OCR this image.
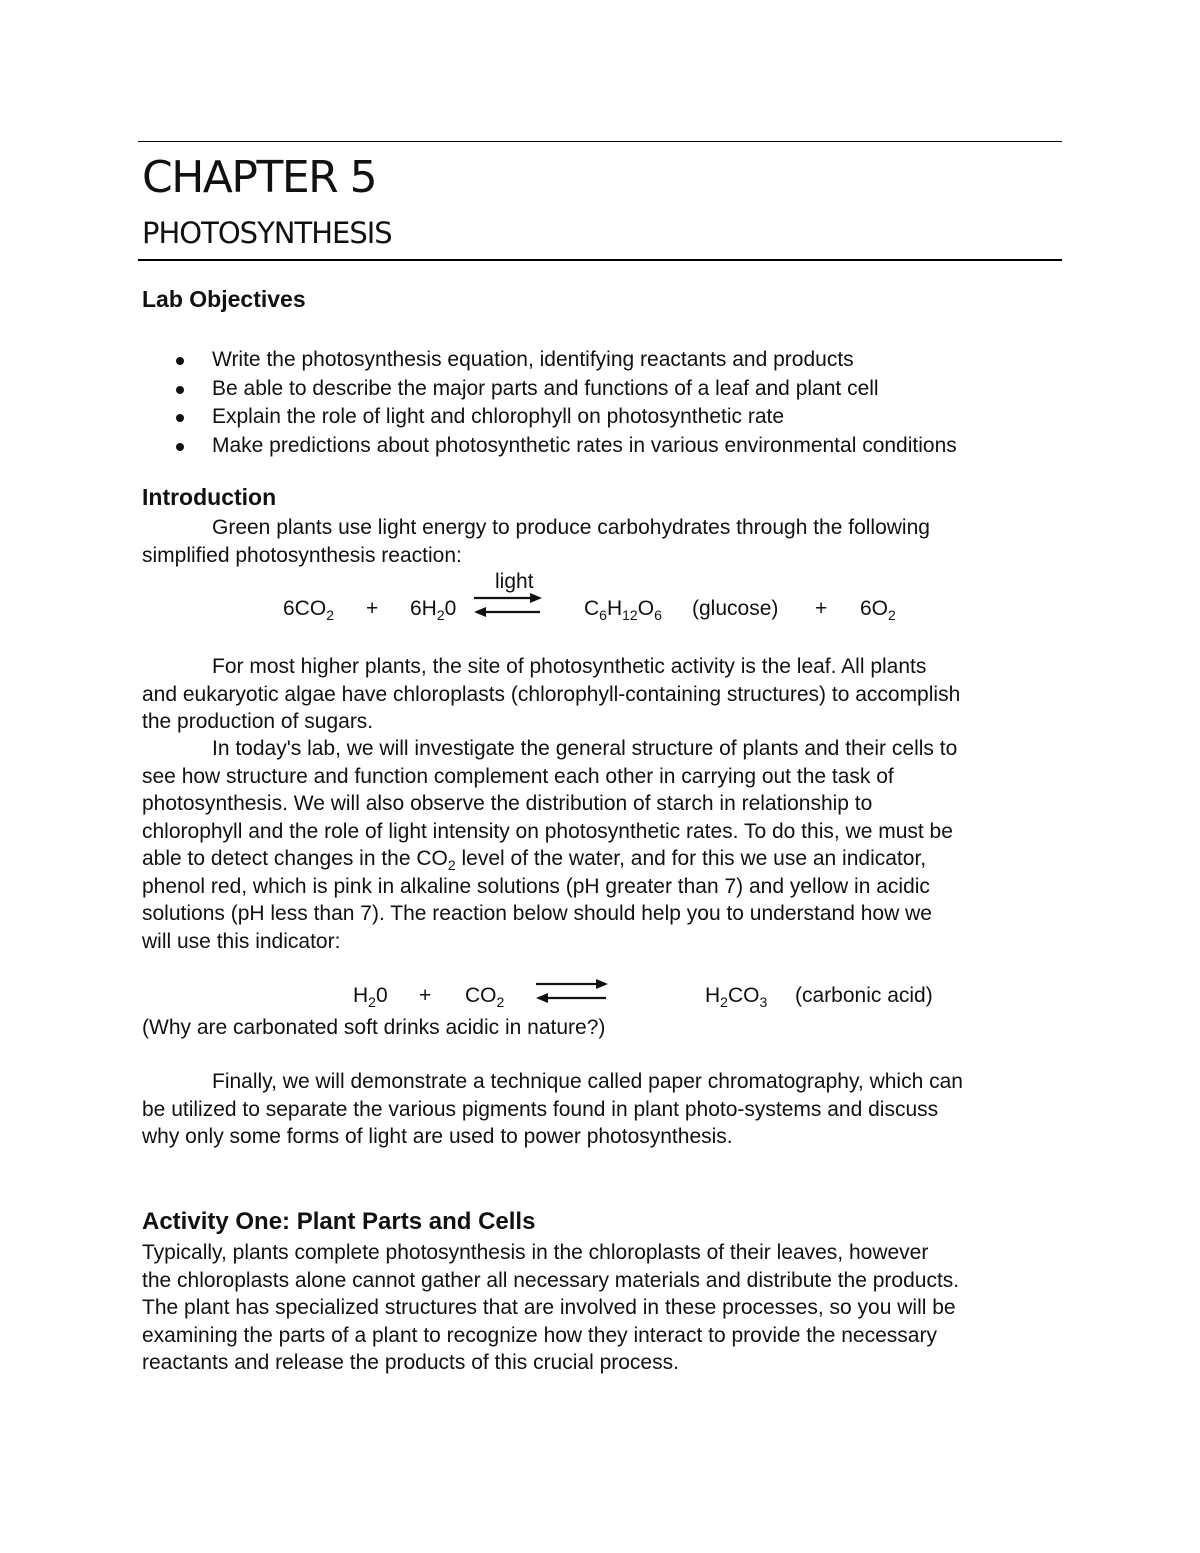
CHAPTER 5
PHOTOSYNTHESIS
Lab Objectives
Write the photosynthesis equation, identifying reactants and products
Be able to describe the major parts and functions of a leaf and plant cell
Explain the role of light and chlorophyll on photosynthetic rate
Make predictions about photosynthetic rates in various environmental conditions
Introduction
Green plants use light energy to produce carbohydrates through the following
simplified photosynthesis reaction:
light
$6CO_2 + 6H_20$	$C_6H_{12}O_6$ $(glucose) + 6O_2$
For most higher plants, the site of photosynthetic activity is the leaf. All plants
and eukaryotic algae have chloroplasts (chlorophyll-containing structures) to accomplish
the production of sugars.
In today's lab, we will investigate the general structure of plants and their cells to
see how structure and function complement each other in carrying out the task of
photosynthesis. We will also observe the distribution of starch in relationship to
chlorophyll and the role of light intensity on photosynthetic rates. To do this, we must be
able to detect changes in the $CO_2$ level of the water, and for this we use an indicator,
phenol red, which is pink in alkaline solutions (pH greater than 7) and yellow in acidic
solutions (pH less than 7). The reaction below should help you to understand how we
will use this indicator:
$H_20 + CO_2$	$H_2CO_3$ (carbonic acid)
(Why are carbonated soft drinks acidic in nature?)
Finally, we will demonstrate a technique called paper chromatography, which can
be utilized to separate the various pigments found in plant photo-systems and discuss
why only some forms of light are used to power photosynthesis.
Activity One: Plant Parts and Cells
Typically, plants complete photosynthesis in the chloroplasts of their leaves, however
the chloroplasts alone cannot gather all necessary materials and distribute the products.
The plant has specialized structures that are involved in these processes, so you will be
examining the parts of a plant to recognize how they interact to provide the necessary
reactants and release the products of this crucial process.
